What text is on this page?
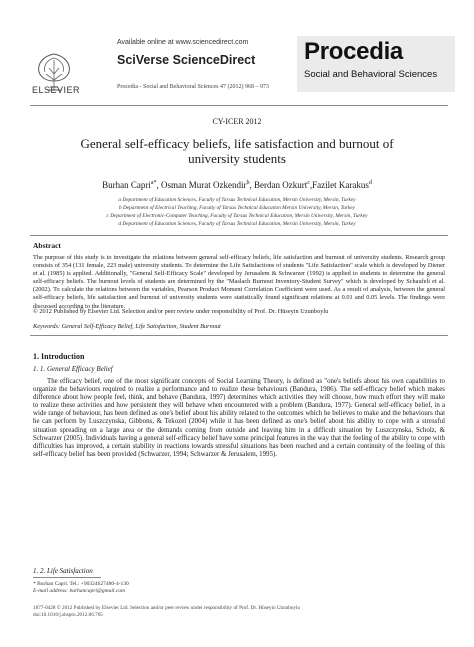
ELSEVIER
Available online at www.sciencedirect.com
SciVerse ScienceDirect
Procedia - Social and Behavioral Sciences 47 (2012) 968 – 973
Procedia
Social and Behavioral Sciences
CY-ICER 2012
General self-efficacy beliefs, life satisfaction and burnout of university students
Burhan Capri$^{a*}$, Osman Murat Ozkendir$^b$, Berdan Ozkurt$^c$,Fazilet Karakus$^d$
a Department of Education Sciences, Faculty of Tarsus Technical Education, Mersin University, Mersin, Turkey
b Department of Electrical Teaching, Faculty of Tarsus Technical Education Mersin University, Mersin, Turkey
c Department of Electronic-Computer Teaching, Faculty of Tarsus Technical Education, Mersin University, Mersin, Turkey
d Department of Education Sciences, Faculty of Tarsus Technical Education, Mersin University, Mersin, Turkey
Abstract
The purpose of this study is to investigate the relations between general self-efficacy beliefs, life satisfaction and burnout of university students. Research group consists of 354 (131 female, 223 male) university students. To determine the Life Satisfactions of students "Life Satisfaction" scale which is developed by Diener et al. (1985) is applied. Additionally, "General Self-Efficacy Scale" developed by Jerusalem & Schwarzer (1992) is applied to students to determine the general self-efficacy beliefs. The burnout levels of students are determined by the "Maslach Burnout Inventory-Student Survey" which is developed by Schaufeli et al. (2002). To calculate the relations between the variables, Pearson Product Moment Correlation Coefficient were used. As a result of analysis, between the general self-efficacy beliefs, life satisfaction and burnout of university students were statistically found significant relations at 0.01 and 0.05 levels. The findings were discussed according to the literature.
© 2012 Published by Elsevier Ltd. Selection and/or peer review under responsibility of Prof. Dr. Hüseyin Uzunboylu
Keywords: General Self-Efficacy Belief, Life Satisfaction, Student Burnout
1. Introduction
1. 1. General Efficacy Belief
The efficacy belief, one of the most significant concepts of Social Learning Theory, is defined as "one's beliefs about his own capabilities to organize the behaviours required to realize a performance and to realize these behaviours (Bandura, 1986). The self-efficacy belief which makes difference about how people feel, think, and behave (Bandura, 1997) determines which activities they will choose, how much effort they will make to realize these activities and how persistent they will behave when encountered with a problem (Bandura, 1977). General self-efficacy belief, in a wide range of behaviour, has been defined as one's belief about his ability related to the outcomes which he believes to make and the behaviours that he can perform by Luszczynska, Gibbons, & Tekozel (2004) while it has been defined as one's belief about his ability to cope with a stressful situation spreading on a large area or the demands coming from outside and leaving him in a difficult situation by Luszczynska, Scholz, & Schwarzer (2005). Individuals having a general self-efficacy belief have some principal features in the way that the feeling of the ability to cope with difficulties has improved, a certain stability in reactions towards stressful situations has been reached and a certain continuity of the feeling of this self-efficacy belief has been provided (Schwarzer, 1994; Schwarzer & Jerusalem, 1995).
1. 2. Life Satisfaction
* Burhan Capri. Tel.: +90324627480-4-130
E-mail address: burhancapri@gmail.com
1877-0428 © 2012 Published by Elsevier Ltd. Selection and/or peer review under responsibility of Prof. Dr. Hüseyin Uzunboylu
doi:10.1016/j.sbspro.2012.06.765
